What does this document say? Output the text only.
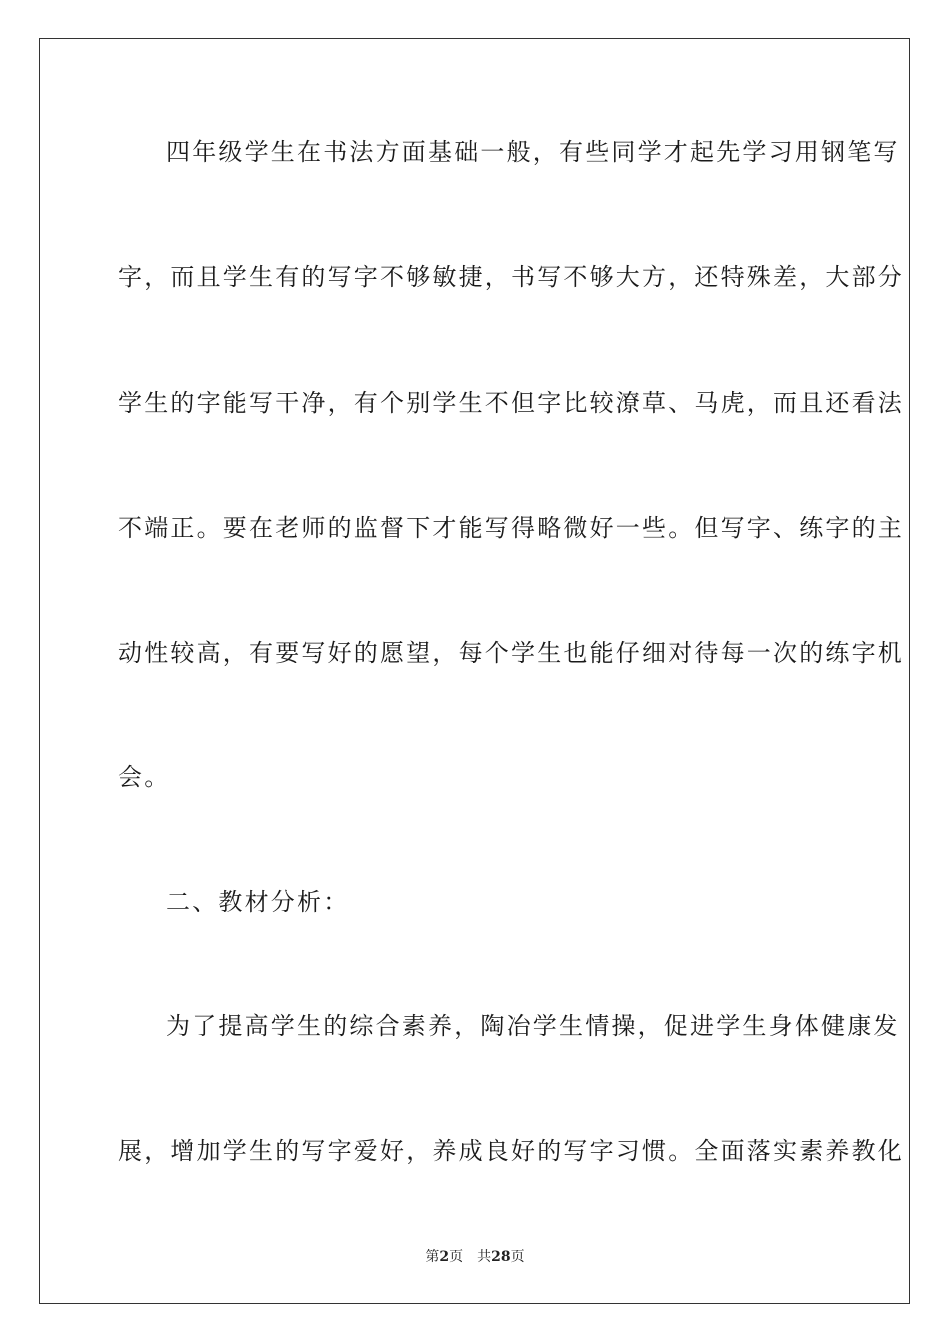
四年级学生在书法方面基础一般，有些同学才起先学习用钢笔写

字，而且学生有的写字不够敏捷，书写不够大方，还特殊差，大部分

学生的字能写干净，有个别学生不但字比较潦草、马虎，而且还看法

不端正。要在老师的监督下才能写得略微好一些。但写字、练字的主

动性较高，有要写好的愿望，每个学生也能仔细对待每一次的练字机

会。

二、教材分析：

为了提高学生的综合素养，陶冶学生情操，促进学生身体健康发

展，增加学生的写字爱好，养成良好的写字习惯。全面落实素养教化

第2页 共28页
